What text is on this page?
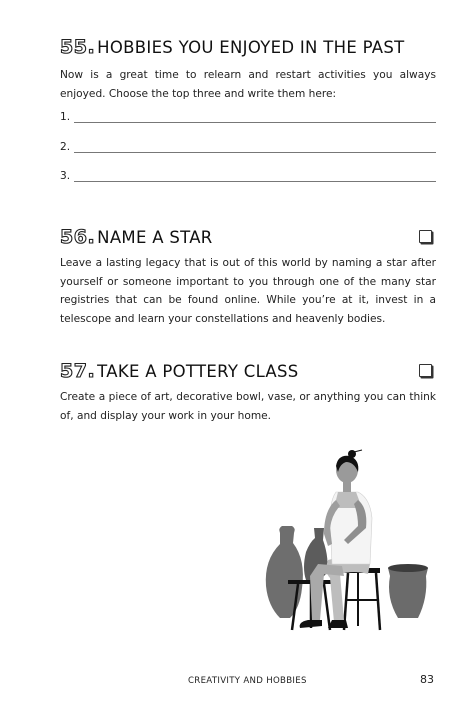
55. HOBBIES YOU ENJOYED IN THE PAST
Now is a great time to relearn and restart activities you always enjoyed. Choose the top three and write them here:
1.
2.
3.
56. NAME A STAR
Leave a lasting legacy that is out of this world by naming a star after yourself or someone important to you through one of the many star registries that can be found online. While you’re at it, invest in a telescope and learn your constellations and heavenly bodies.
57. TAKE A POTTERY CLASS
Create a piece of art, decorative bowl, vase, or anything you can think of, and display your work in your home.
CREATIVITY AND HOBBIES	83
